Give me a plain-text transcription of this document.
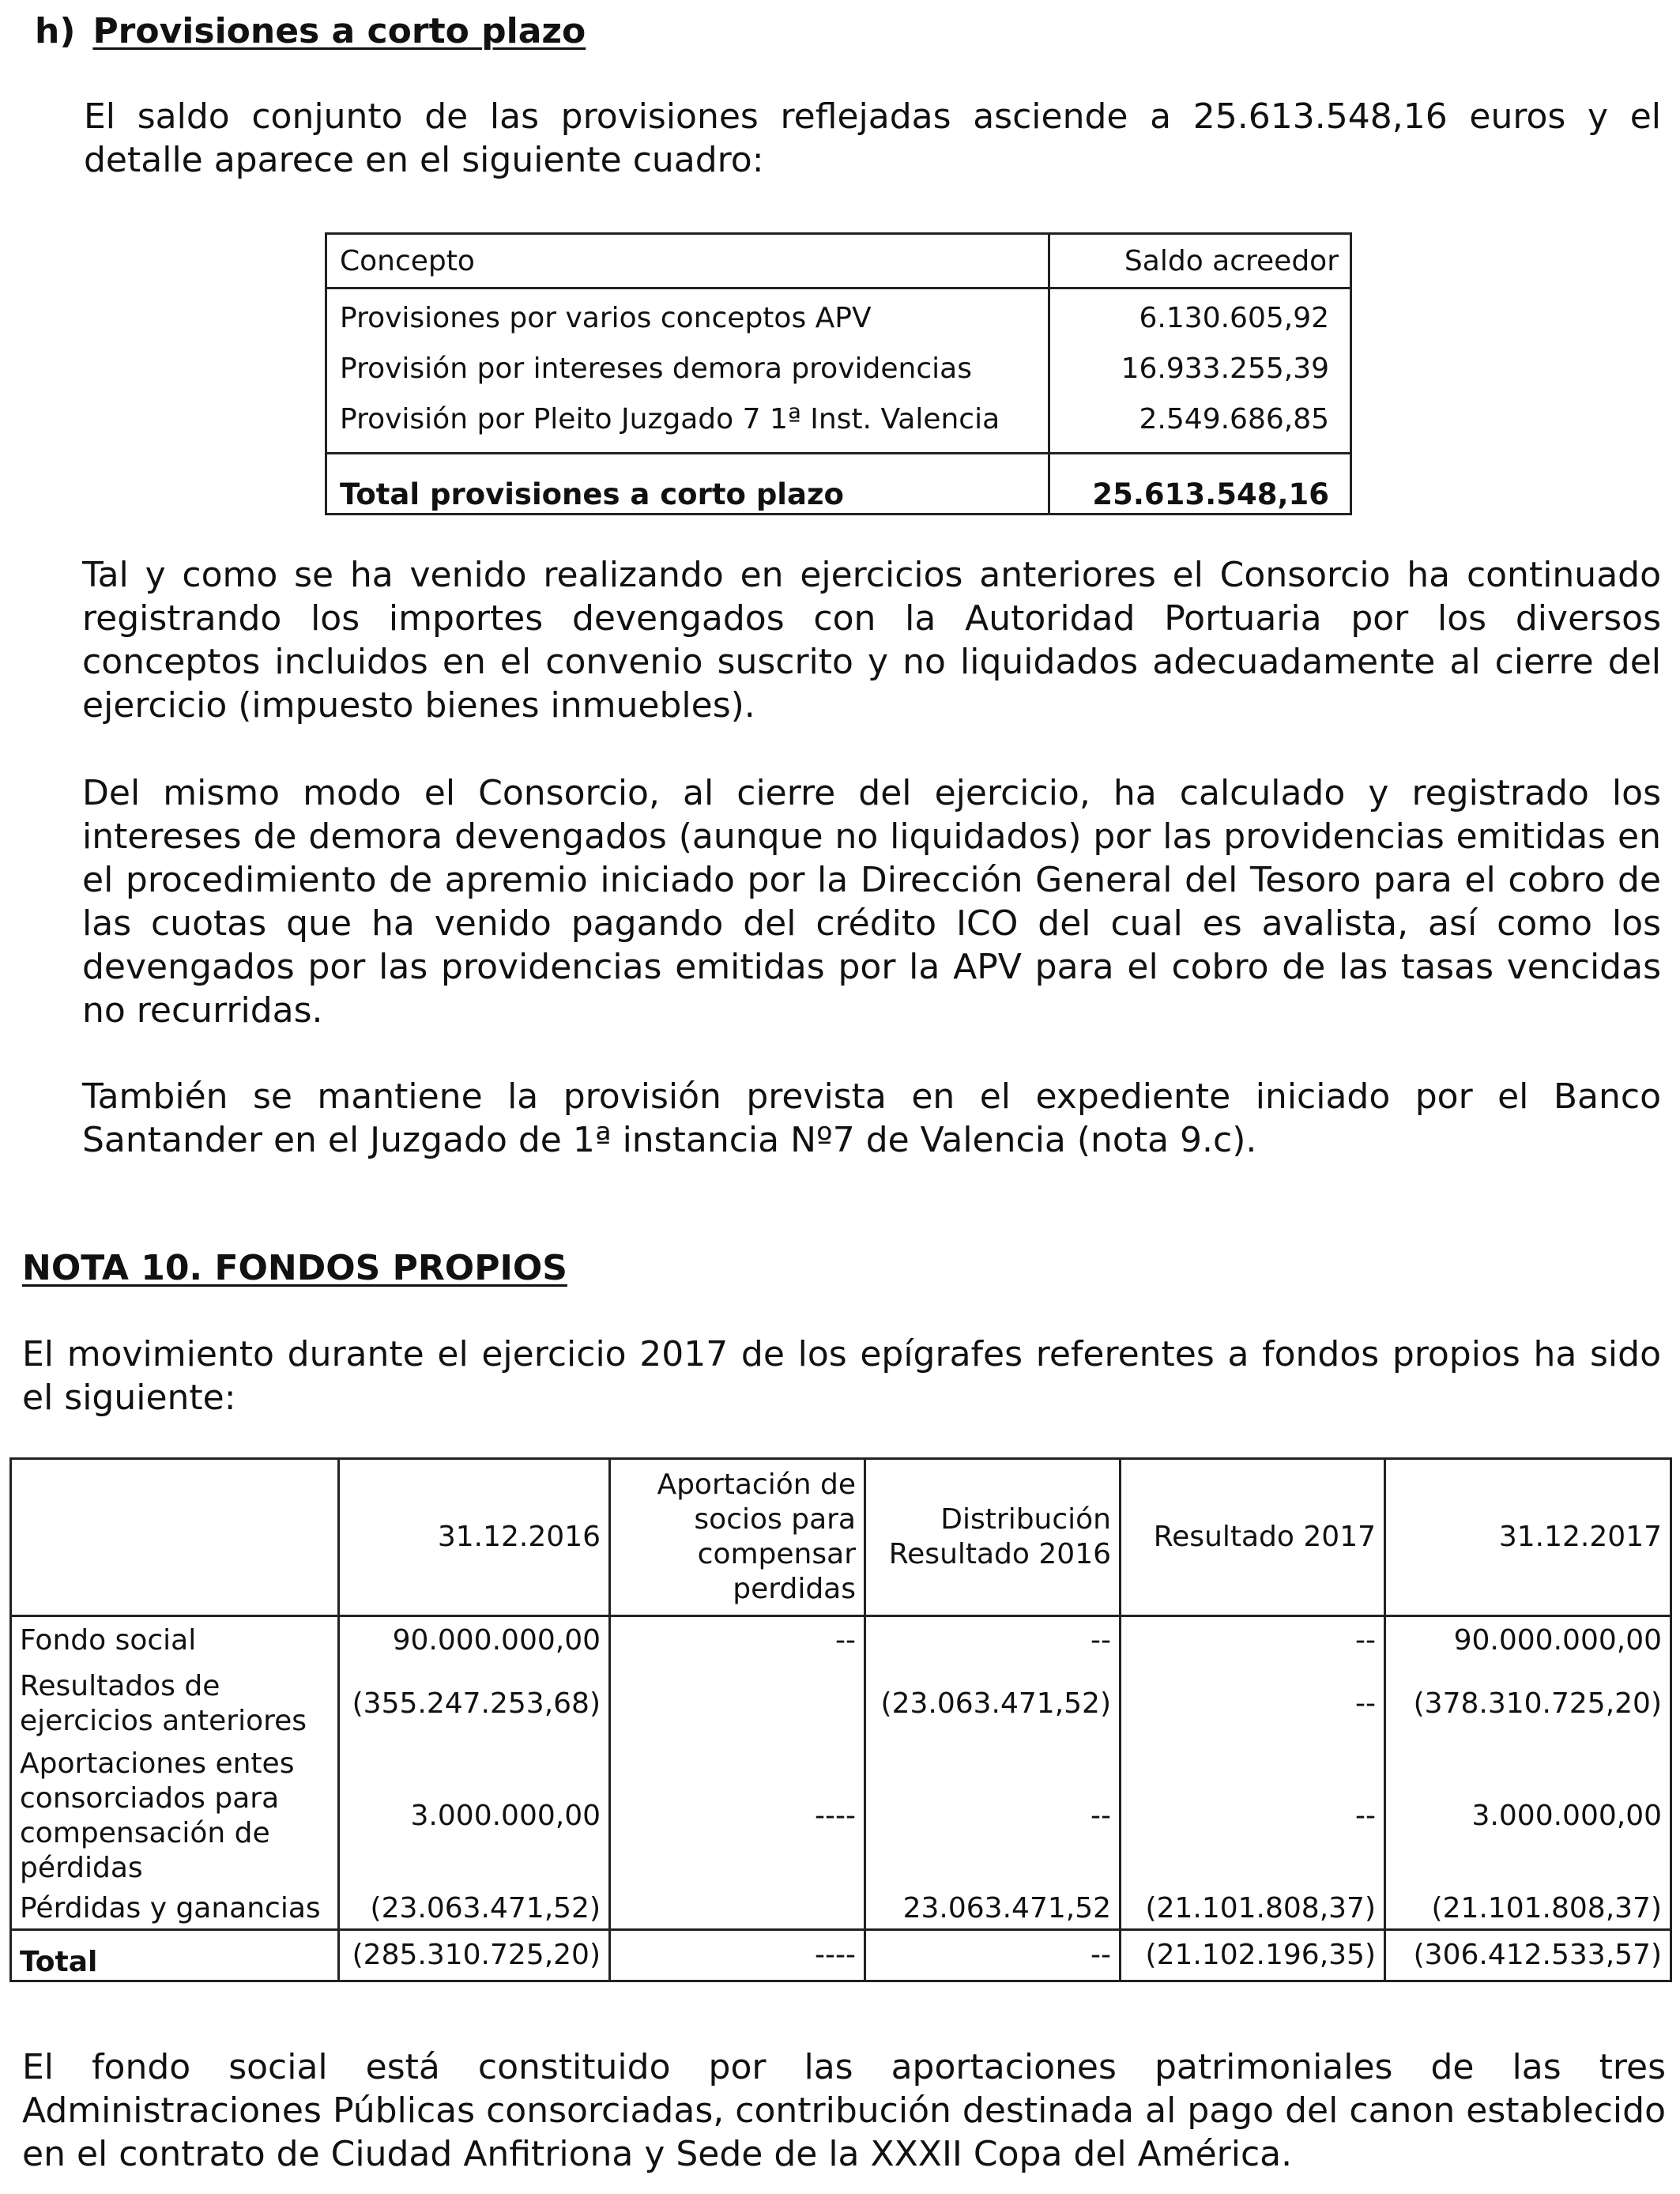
h) Provisiones a corto plazo
El saldo conjunto de las provisiones reflejadas asciende a 25.613.548,16 euros y el detalle aparece en el siguiente cuadro:
Concepto	Saldo acreedor
Provisiones por varios conceptos APV	6.130.605,92
Provisión por intereses demora providencias	16.933.255,39
Provisión por Pleito Juzgado 7 1ª Inst. Valencia	2.549.686,85

Total provisiones a corto plazo	25.613.548,16
Tal y como se ha venido realizando en ejercicios anteriores el Consorcio ha continuado registrando los importes devengados con la Autoridad Portuaria por los diversos conceptos incluidos en el convenio suscrito y no liquidados adecuadamente al cierre del ejercicio (impuesto bienes inmuebles).
Del mismo modo el Consorcio, al cierre del ejercicio, ha calculado y registrado los intereses de demora devengados (aunque no liquidados) por las providencias emitidas en el procedimiento de apremio iniciado por la Dirección General del Tesoro para el cobro de las cuotas que ha venido pagando del crédito ICO del cual es avalista, así como los devengados por las providencias emitidas por la APV para el cobro de las tasas vencidas no recurridas.
También se mantiene la provisión prevista en el expediente iniciado por el Banco Santander en el Juzgado de 1ª instancia Nº7 de Valencia (nota 9.c).
NOTA 10. FONDOS PROPIOS
El movimiento durante el ejercicio 2017 de los epígrafes referentes a fondos propios ha sido el siguiente:
	31.12.2016	Aportación de socios para compensar perdidas	Distribución Resultado 2016	Resultado 2017	31.12.2017
Fondo social	90.000.000,00	--	--	--	90.000.000,00
Resultados de ejercicios anteriores	(355.247.253,68)		(23.063.471,52)	--	(378.310.725,20)
Aportaciones entes consorciados para compensación de pérdidas	3.000.000,00	----	--	--	3.000.000,00
Pérdidas y ganancias	(23.063.471,52)		23.063.471,52	(21.101.808,37)	(21.101.808,37)
Total	(285.310.725,20)	----	--	(21.102.196,35)	(306.412.533,57)
El fondo social está constituido por las aportaciones patrimoniales de las tres Administraciones Públicas consorciadas, contribución destinada al pago del canon establecido en el contrato de Ciudad Anfitriona y Sede de la XXXII Copa del América.
